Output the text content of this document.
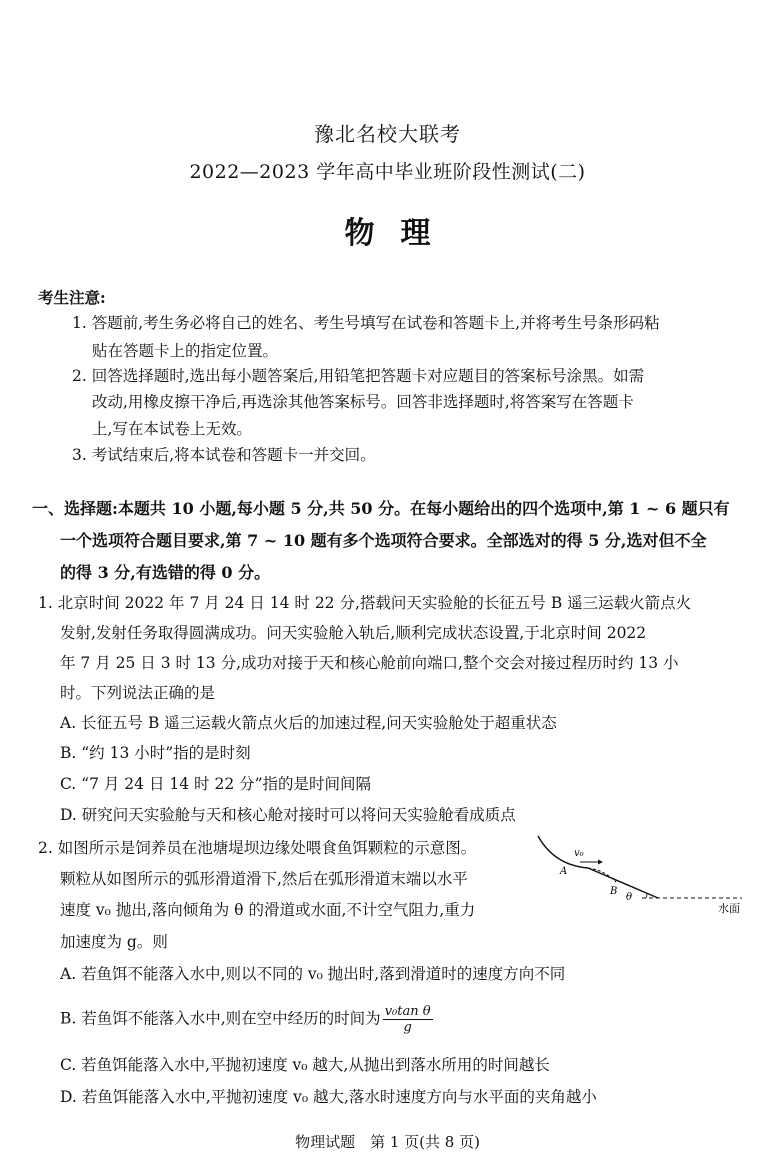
豫北名校大联考
2022—2023 学年高中毕业班阶段性测试(二)
物理
考生注意:
1. 答题前,考生务必将自己的姓名、考生号填写在试卷和答题卡上,并将考生号条形码粘
贴在答题卡上的指定位置。
2. 回答选择题时,选出每小题答案后,用铅笔把答题卡对应题目的答案标号涂黑。如需
改动,用橡皮擦干净后,再选涂其他答案标号。回答非选择题时,将答案写在答题卡
上,写在本试卷上无效。
3. 考试结束后,将本试卷和答题卡一并交回。
一、选择题:本题共 10 小题,每小题 5 分,共 50 分。在每小题给出的四个选项中,第 1 ~ 6 题只有
一个选项符合题目要求,第 7 ~ 10 题有多个选项符合要求。全部选对的得 5 分,选对但不全
的得 3 分,有选错的得 0 分。
1. 北京时间 2022 年 7 月 24 日 14 时 22 分,搭载问天实验舱的长征五号 B 遥三运载火箭点火
发射,发射任务取得圆满成功。问天实验舱入轨后,顺利完成状态设置,于北京时间 2022
年 7 月 25 日 3 时 13 分,成功对接于天和核心舱前向端口,整个交会对接过程历时约 13 小
时。下列说法正确的是
A. 长征五号 B 遥三运载火箭点火后的加速过程,问天实验舱处于超重状态
B. “约 13 小时”指的是时刻
C. “7 月 24 日 14 时 22 分”指的是时间间隔
D. 研究问天实验舱与天和核心舱对接时可以将问天实验舱看成质点
2. 如图所示是饲养员在池塘堤坝边缘处喂食鱼饵颗粒的示意图。
颗粒从如图所示的弧形滑道滑下,然后在弧形滑道末端以水平
速度 v₀ 抛出,落向倾角为 θ 的滑道或水面,不计空气阻力,重力
加速度为 g。则
v₀
A
B
θ
水面
A. 若鱼饵不能落入水中,则以不同的 v₀ 抛出时,落到滑道时的速度方向不同
B. 若鱼饵不能落入水中,则在空中经历的时间为 $\frac{\text{v₀tan θ}}{g}$
C. 若鱼饵能落入水中,平抛初速度 v₀ 越大,从抛出到落水所用的时间越长
D. 若鱼饵能落入水中,平抛初速度 v₀ 越大,落水时速度方向与水平面的夹角越小
物理试题　第 1 页(共 8 页)
